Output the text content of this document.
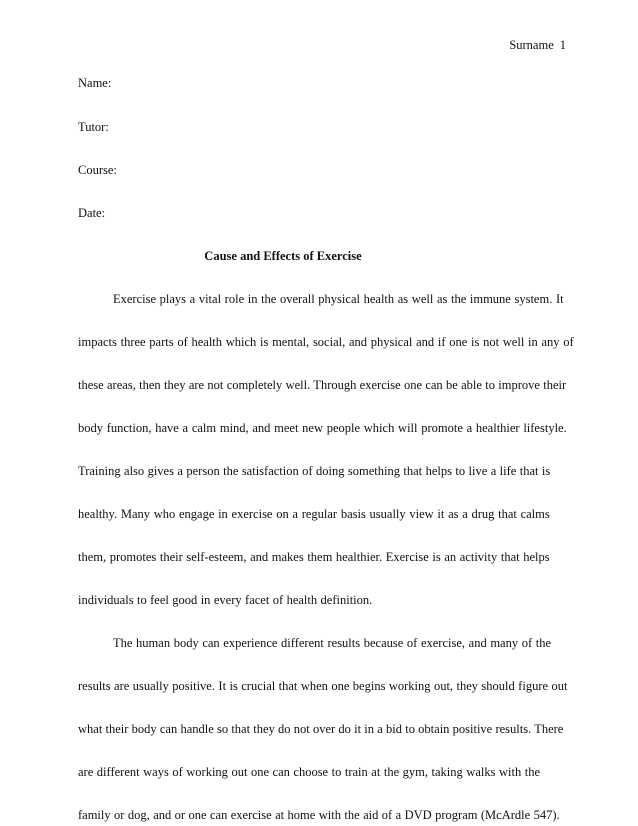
Surname 1
Name:
Tutor:
Course:
Date:
Cause and Effects of Exercise
Exercise plays a vital role in the overall physical health as well as the immune system. It
impacts three parts of health which is mental, social, and physical and if one is not well in any of
these areas, then they are not completely well. Through exercise one can be able to improve their
body function, have a calm mind, and meet new people which will promote a healthier lifestyle.
Training also gives a person the satisfaction of doing something that helps to live a life that is
healthy. Many who engage in exercise on a regular basis usually view it as a drug that calms
them, promotes their self-esteem, and makes them healthier. Exercise is an activity that helps
individuals to feel good in every facet of health definition.
The human body can experience different results because of exercise, and many of the
results are usually positive. It is crucial that when one begins working out, they should figure out
what their body can handle so that they do not over do it in a bid to obtain positive results. There
are different ways of working out one can choose to train at the gym, taking walks with the
family or dog, and or one can exercise at home with the aid of a DVD program (McArdle 547).
